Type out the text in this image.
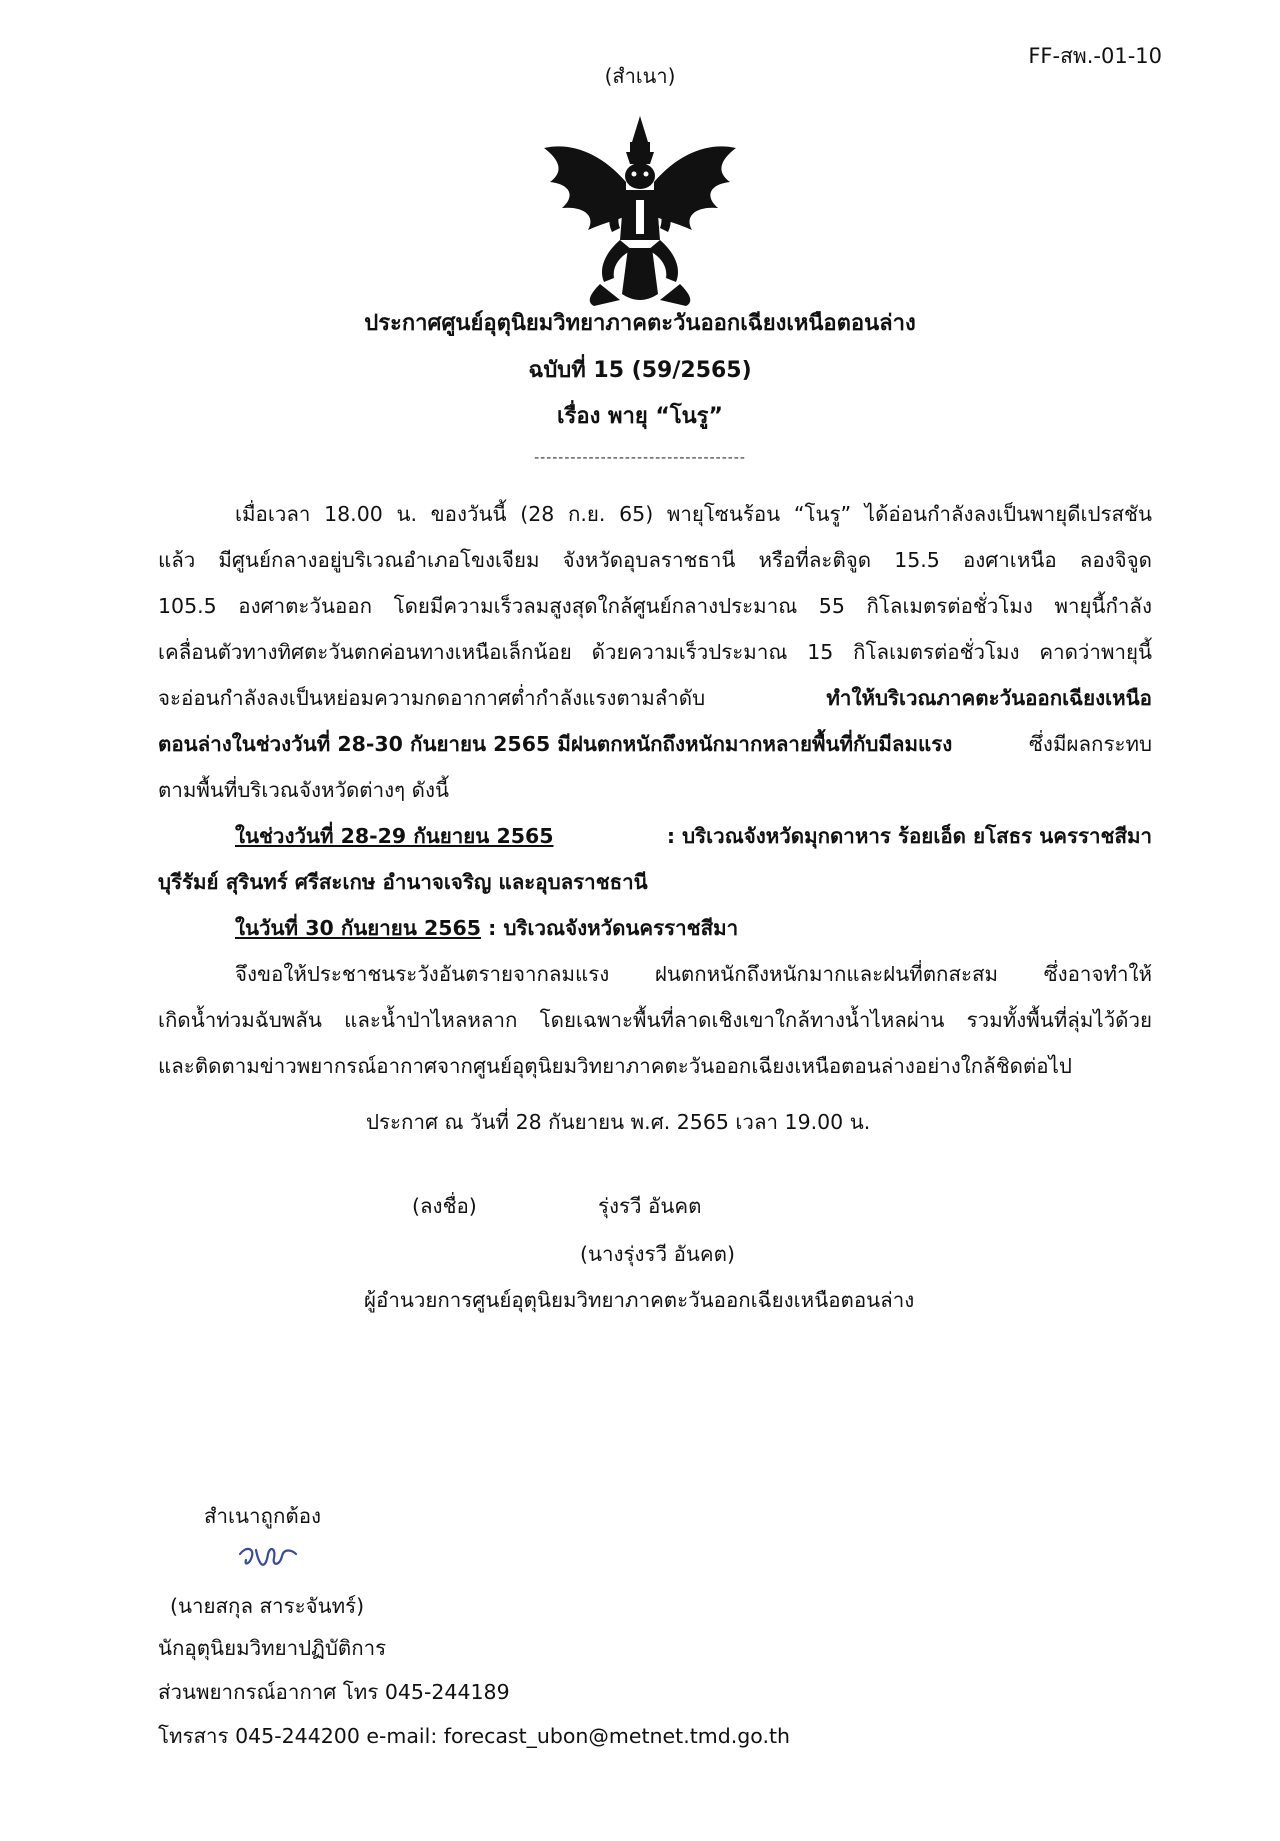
FF-สพ.-01-10
(สำเนา)
ประกาศศูนย์อุตุนิยมวิทยาภาคตะวันออกเฉียงเหนือตอนล่าง
ฉบับที่ 15 (59/2565)
เรื่อง พายุ “โนรู”
-----------------------------------
เมื่อเวลา 18.00 น. ของวันนี้ (28 ก.ย. 65) พายุโซนร้อน “โนรู” ได้อ่อนกำลังลงเป็นพายุดีเปรสชัน
แล้ว มีศูนย์กลางอยู่บริเวณอำเภอโขงเจียม จังหวัดอุบลราชธานี หรือที่ละติจูด 15.5 องศาเหนือ ลองจิจูด
105.5 องศาตะวันออก โดยมีความเร็วลมสูงสุดใกล้ศูนย์กลางประมาณ 55 กิโลเมตรต่อชั่วโมง พายุนี้กำลัง
เคลื่อนตัวทางทิศตะวันตกค่อนทางเหนือเล็กน้อย ด้วยความเร็วประมาณ 15 กิโลเมตรต่อชั่วโมง คาดว่าพายุนี้
จะอ่อนกำลังลงเป็นหย่อมความกดอากาศต่ำกำลังแรงตามลำดับ	ทำให้บริเวณภาคตะวันออกเฉียงเหนือ
ตอนล่างในช่วงวันที่ 28-30 กันยายน 2565 มีฝนตกหนักถึงหนักมากหลายพื้นที่กับมีลมแรง	ซึ่งมีผลกระทบ
ตามพื้นที่บริเวณจังหวัดต่างๆ ดังนี้
ในช่วงวันที่ 28-29 กันยายน 2565	: บริเวณจังหวัดมุกดาหาร ร้อยเอ็ด ยโสธร นครราชสีมา
บุรีรัมย์ สุรินทร์ ศรีสะเกษ อำนาจเจริญ และอุบลราชธานี
ในวันที่ 30 กันยายน 2565 : บริเวณจังหวัดนครราชสีมา
จึงขอให้ประชาชนระวังอันตรายจากลมแรง ฝนตกหนักถึงหนักมากและฝนที่ตกสะสม ซึ่งอาจทำให้
เกิดน้ำท่วมฉับพลัน และน้ำป่าไหลหลาก โดยเฉพาะพื้นที่ลาดเชิงเขาใกล้ทางน้ำไหลผ่าน รวมทั้งพื้นที่ลุ่มไว้ด้วย
และติดตามข่าวพยากรณ์อากาศจากศูนย์อุตุนิยมวิทยาภาคตะวันออกเฉียงเหนือตอนล่างอย่างใกล้ชิดต่อไป
ประกาศ ณ วันที่ 28 กันยายน พ.ศ. 2565 เวลา 19.00 น.
(ลงชื่อ)	รุ่งรวี อันคต
(นางรุ่งรวี อันคต)
ผู้อำนวยการศูนย์อุตุนิยมวิทยาภาคตะวันออกเฉียงเหนือตอนล่าง
สำเนาถูกต้อง
(นายสกุล สาระจันทร์)
นักอุตุนิยมวิทยาปฏิบัติการ
ส่วนพยากรณ์อากาศ โทร 045-244189
โทรสาร 045-244200 e-mail: forecast_ubon@metnet.tmd.go.th
